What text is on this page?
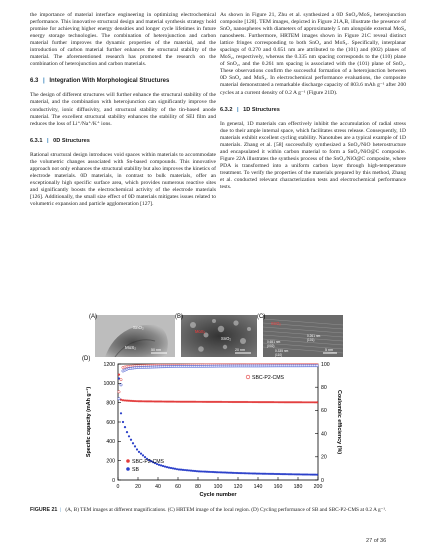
the importance of material interface engineering in optimizing electrochemical performance. This innovative structural design and material synthesis strategy hold promise for achieving higher energy densities and longer cycle lifetimes in future energy storage technologies. The combination of heterojunction and carbon material further improves the dynamic properties of the material, and the introduction of carbon material further enhances the structural stability of the material. The aforementioned research has promoted the research on the combination of heterojunction and carbon materials.

6.3 | Integration With Morphological Structures

The design of different structures will further enhance the structural stability of the material, and the combination with heterojunction can significantly improve the conductivity, ionic diffusivity, and structural stability of the tin-based anode material. The excellent structural stability enhances the stability of SEI film and reduces the loss of Li⁺/Na⁺/K⁺ ions.

6.3.1 | 0D Structures

Rational structural design introduces void spaces within materials to accommodate the volumetric changes associated with Sn-based compounds. This innovative approach not only enhances the structural stability but also improves the kinetics of electrode materials. 0D materials, in contrast to bulk materials, offer an exceptionally high specific surface area, which provides numerous reactive sites and significantly boosts the electrochemical activity of the electrode materials [126]. Additionally, the small size effect of 0D materials mitigates issues related to volumetric expansion and particle agglomeration [127].

As shown in Figure 21, Zhu et al. synthesized a 0D SnO₂/MoS₂ heterojunction composite [128]. TEM images, depicted in Figure 21A,B, illustrate the presence of SnO₂ nanospheres with diameters of approximately 5 nm alongside external MoS₂ nanosheets. Furthermore, HRTEM images shown in Figure 21C reveal distinct lattice fringes corresponding to both SnO₂ and MoS₂. Specifically, interplanar spacings of 0.270 and 0.651 nm are attributed to the (101) and (002) planes of MoS₂, respectively, whereas the 0.335 nm spacing corresponds to the (110) plane of SnO₂, and the 0.261 nm spacing is associated with the (101) plane of SnO₂. These observations confirm the successful formation of a heterojunction between 0D SnO₂ and MoS₂. In electrochemical performance evaluations, the composite material demonstrated a remarkable discharge capacity of 803.6 mAh g⁻¹ after 200 cycles at a current density of 0.2 A g⁻¹ (Figure 21D).

6.3.2 | 1D Structures

In general, 1D materials can effectively inhibit the accumulation of radial stress due to their ample internal space, which facilitates stress release. Consequently, 1D materials exhibit excellent cycling stability. Nanotubes are a typical example of 1D materials. Zhang et al. [58] successfully synthesized a SnO₂/NiO heterostructure and encapsulated it within carbon material to form a SnO₂/NiO@C composite. Figure 22A illustrates the synthesis process of the SnO₂/NiO@C composite, where PDA is transformed into a uniform carbon layer through high-temperature treatment. To verify the properties of the materials prepared by this method, Zhang et al. conducted relevant characterization tests and electrochemical performance tests.

SnO₂
MoS₂	50 nm
(A)
MoS₂
SnO₂
20 nm
(B)
SnO₂
0.261 nm
(101)
0.651 nm
(002)
0.335 nm
(110)
5 nm
(C)
(D)
0	20	40	60	80 100 120 140 160 180 200
0
200
400
600
800
1000
1200
0
20
40
60
80
100
Cycle number
Specific capacity (mAh g⁻¹)	Coulombic efficiency (%)
SBC-P2-CMS
SBC-P2-CMS
SB
FIGURE 21  | (A, B) TEM images at different magnifications. (C) HRTEM image of the local region. (D) Cycling performance of SB and SBC-P2-CMS at 0.2 A g⁻¹.
27 of 36
